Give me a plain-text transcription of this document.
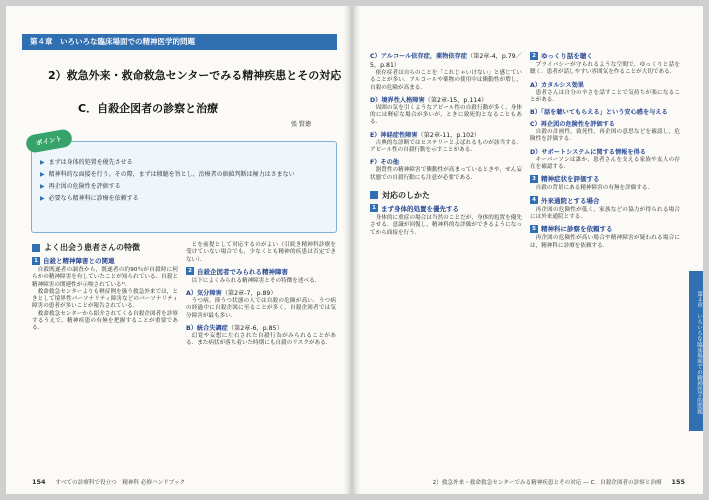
第４章　いろいろな臨床場面での精神医学的問題
2）救急外来・救命救急センターでみる精神疾患とその対応
C．自殺企図者の診察と治療
張 賢徳
ポイント
▶ まずは身体的処置を優先させる
▶ 精神科的な面接を行う。その際，まずは傾聴を旨とし，治療者の価値判断は極力はさまない
▶ 再企図の危険性を評価する
▶ 必要なら精神科に診療を依頼する
よく出会う患者さんの特徴
1 自殺と精神障害との関連

自殺既遂者の調査から，既遂者の約90％が自殺時に何らかの精神障害を有していたことが知られている．自殺と精神障害の関連性が示唆されている¹⁾．

救命救急センターよりも軽症例を扱う救急外来では，ときとして境界性パーソナリティ障害などのパーソナリティ障害の患者が多いことが報告されている．

救命救急センターから紹介されてくる自殺企図者を診察するうえで，精神疾患の有無を把握することが重要である．

とを前提として対応するのがよい（引続き精神科診療を受けていない場合でも，少なくとも精神的疾患は否定できない）．

2 自殺企図者でみられる精神障害

以下によくみられる精神障害とその特徴を述べる．

A）気分障害（第2章-7，p.89）

うつ病，抑うつ状態の人では自殺の危険が高い．うつ病の経過中に自殺企図に至ることが多く，自殺企図者では気分障害が最も多い．

B）統合失調症（第2章-6，p.85）

幻覚や妄想に左右された自殺行為がみられることがある．また病状が落ち着いた時期にも自殺のリスクがある．

154 すべての診療科で役立つ　精神科 必修ハンドブック
C）アルコール依存症，薬物依存症（第2章-4，p.79／5，p.81）

依存症者は自らのことを「これじゃいけない」と感じていることが多い．アルコールや薬物の使用中は衝動性が増し，自殺の危険が高まる．

D）境界性人格障害（第2章-15，p.114）

周囲の気を引くようなアピール性の自殺行動が多く，身体的には軽症な場合が多いが，ときに致死的となることもある．

E）神経症性障害（第2章-11，p.102）

古典的な診断ではヒステリーとよばれるものが該当する．アピール性の自殺行動を示すことがある．

F）その他

器質性の精神障害で衝動性が高まっているときや，せん妄状態での自殺行動にも注意が必要である．

対応のしかた
1 まず身体的処置を優先する

身体的に重症の場合は当然のことだが，身体的処置を優先させる．意識が回復し，精神科的な評価ができるようになってから面接を行う．

2 ゆっくり話を聴く

プライバシーが守られるような空間で，ゆっくりと話を聴く．患者が話しやすい雰囲気を作ることが大切である．

A）カタルシス効果

患者さんは自分の辛さを話すことで気持ちが楽になることがある．

B）「話を聴いてもらえる」という安心感を与える
C）再企図の危険性を評価する

自殺の計画性，致死性，再企図の意思などを確認し，危険性を評価する．

D）サポートシステムに関する情報を得る

キーパーソンは誰か，患者さんを支える家族や友人の存在を確認する．

3 精神症状を評価する

自殺の背景にある精神障害の有無を評価する．

4 外来通院とする場合

再企図の危険性が低く，家族などの協力が得られる場合には外来通院とする．

5 精神科に診察を依頼する

再企図の危険性が高い場合や精神障害が疑われる場合には，精神科に診療を依頼する．

第４章　いろいろな臨床場面での精神医学的問題
2）救急外来・救命救急センターでみる精神疾患とその対応 ― C．自殺企図者の診察と治療 155
